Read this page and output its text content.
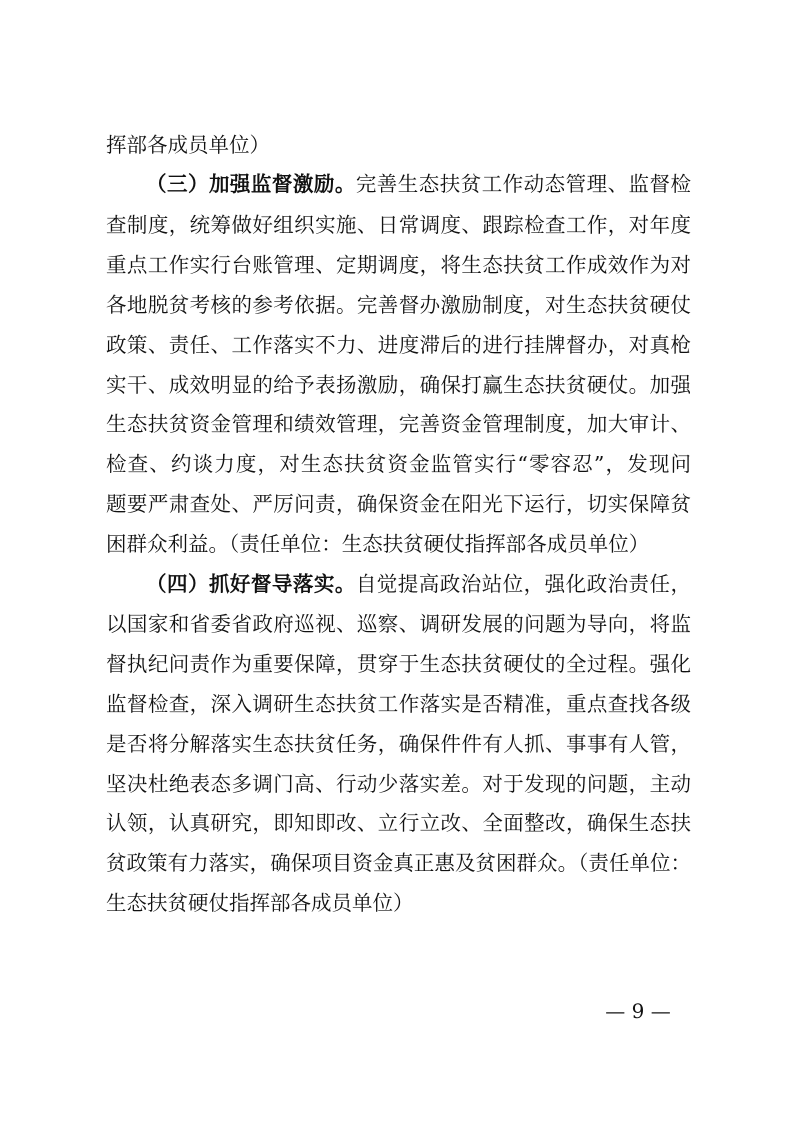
挥部各成员单位）
（三）加强监督激励。完善生态扶贫工作动态管理、监督检
查制度，统筹做好组织实施、日常调度、跟踪检查工作，对年度
重点工作实行台账管理、定期调度，将生态扶贫工作成效作为对
各地脱贫考核的参考依据。完善督办激励制度，对生态扶贫硬仗
政策、责任、工作落实不力、进度滞后的进行挂牌督办，对真枪
实干、成效明显的给予表扬激励，确保打赢生态扶贫硬仗。加强
生态扶贫资金管理和绩效管理，完善资金管理制度，加大审计、
检查、约谈力度，对生态扶贫资金监管实行“零容忍”，发现问
题要严肃查处、严厉问责，确保资金在阳光下运行，切实保障贫
困群众利益。（责任单位：生态扶贫硬仗指挥部各成员单位）
（四）抓好督导落实。自觉提高政治站位，强化政治责任，
以国家和省委省政府巡视、巡察、调研发展的问题为导向，将监
督执纪问责作为重要保障，贯穿于生态扶贫硬仗的全过程。强化
监督检查，深入调研生态扶贫工作落实是否精准，重点查找各级
是否将分解落实生态扶贫任务，确保件件有人抓、事事有人管，
坚决杜绝表态多调门高、行动少落实差。对于发现的问题，主动
认领，认真研究，即知即改、立行立改、全面整改，确保生态扶
贫政策有力落实，确保项目资金真正惠及贫困群众。（责任单位：
生态扶贫硬仗指挥部各成员单位）
— 9 —
